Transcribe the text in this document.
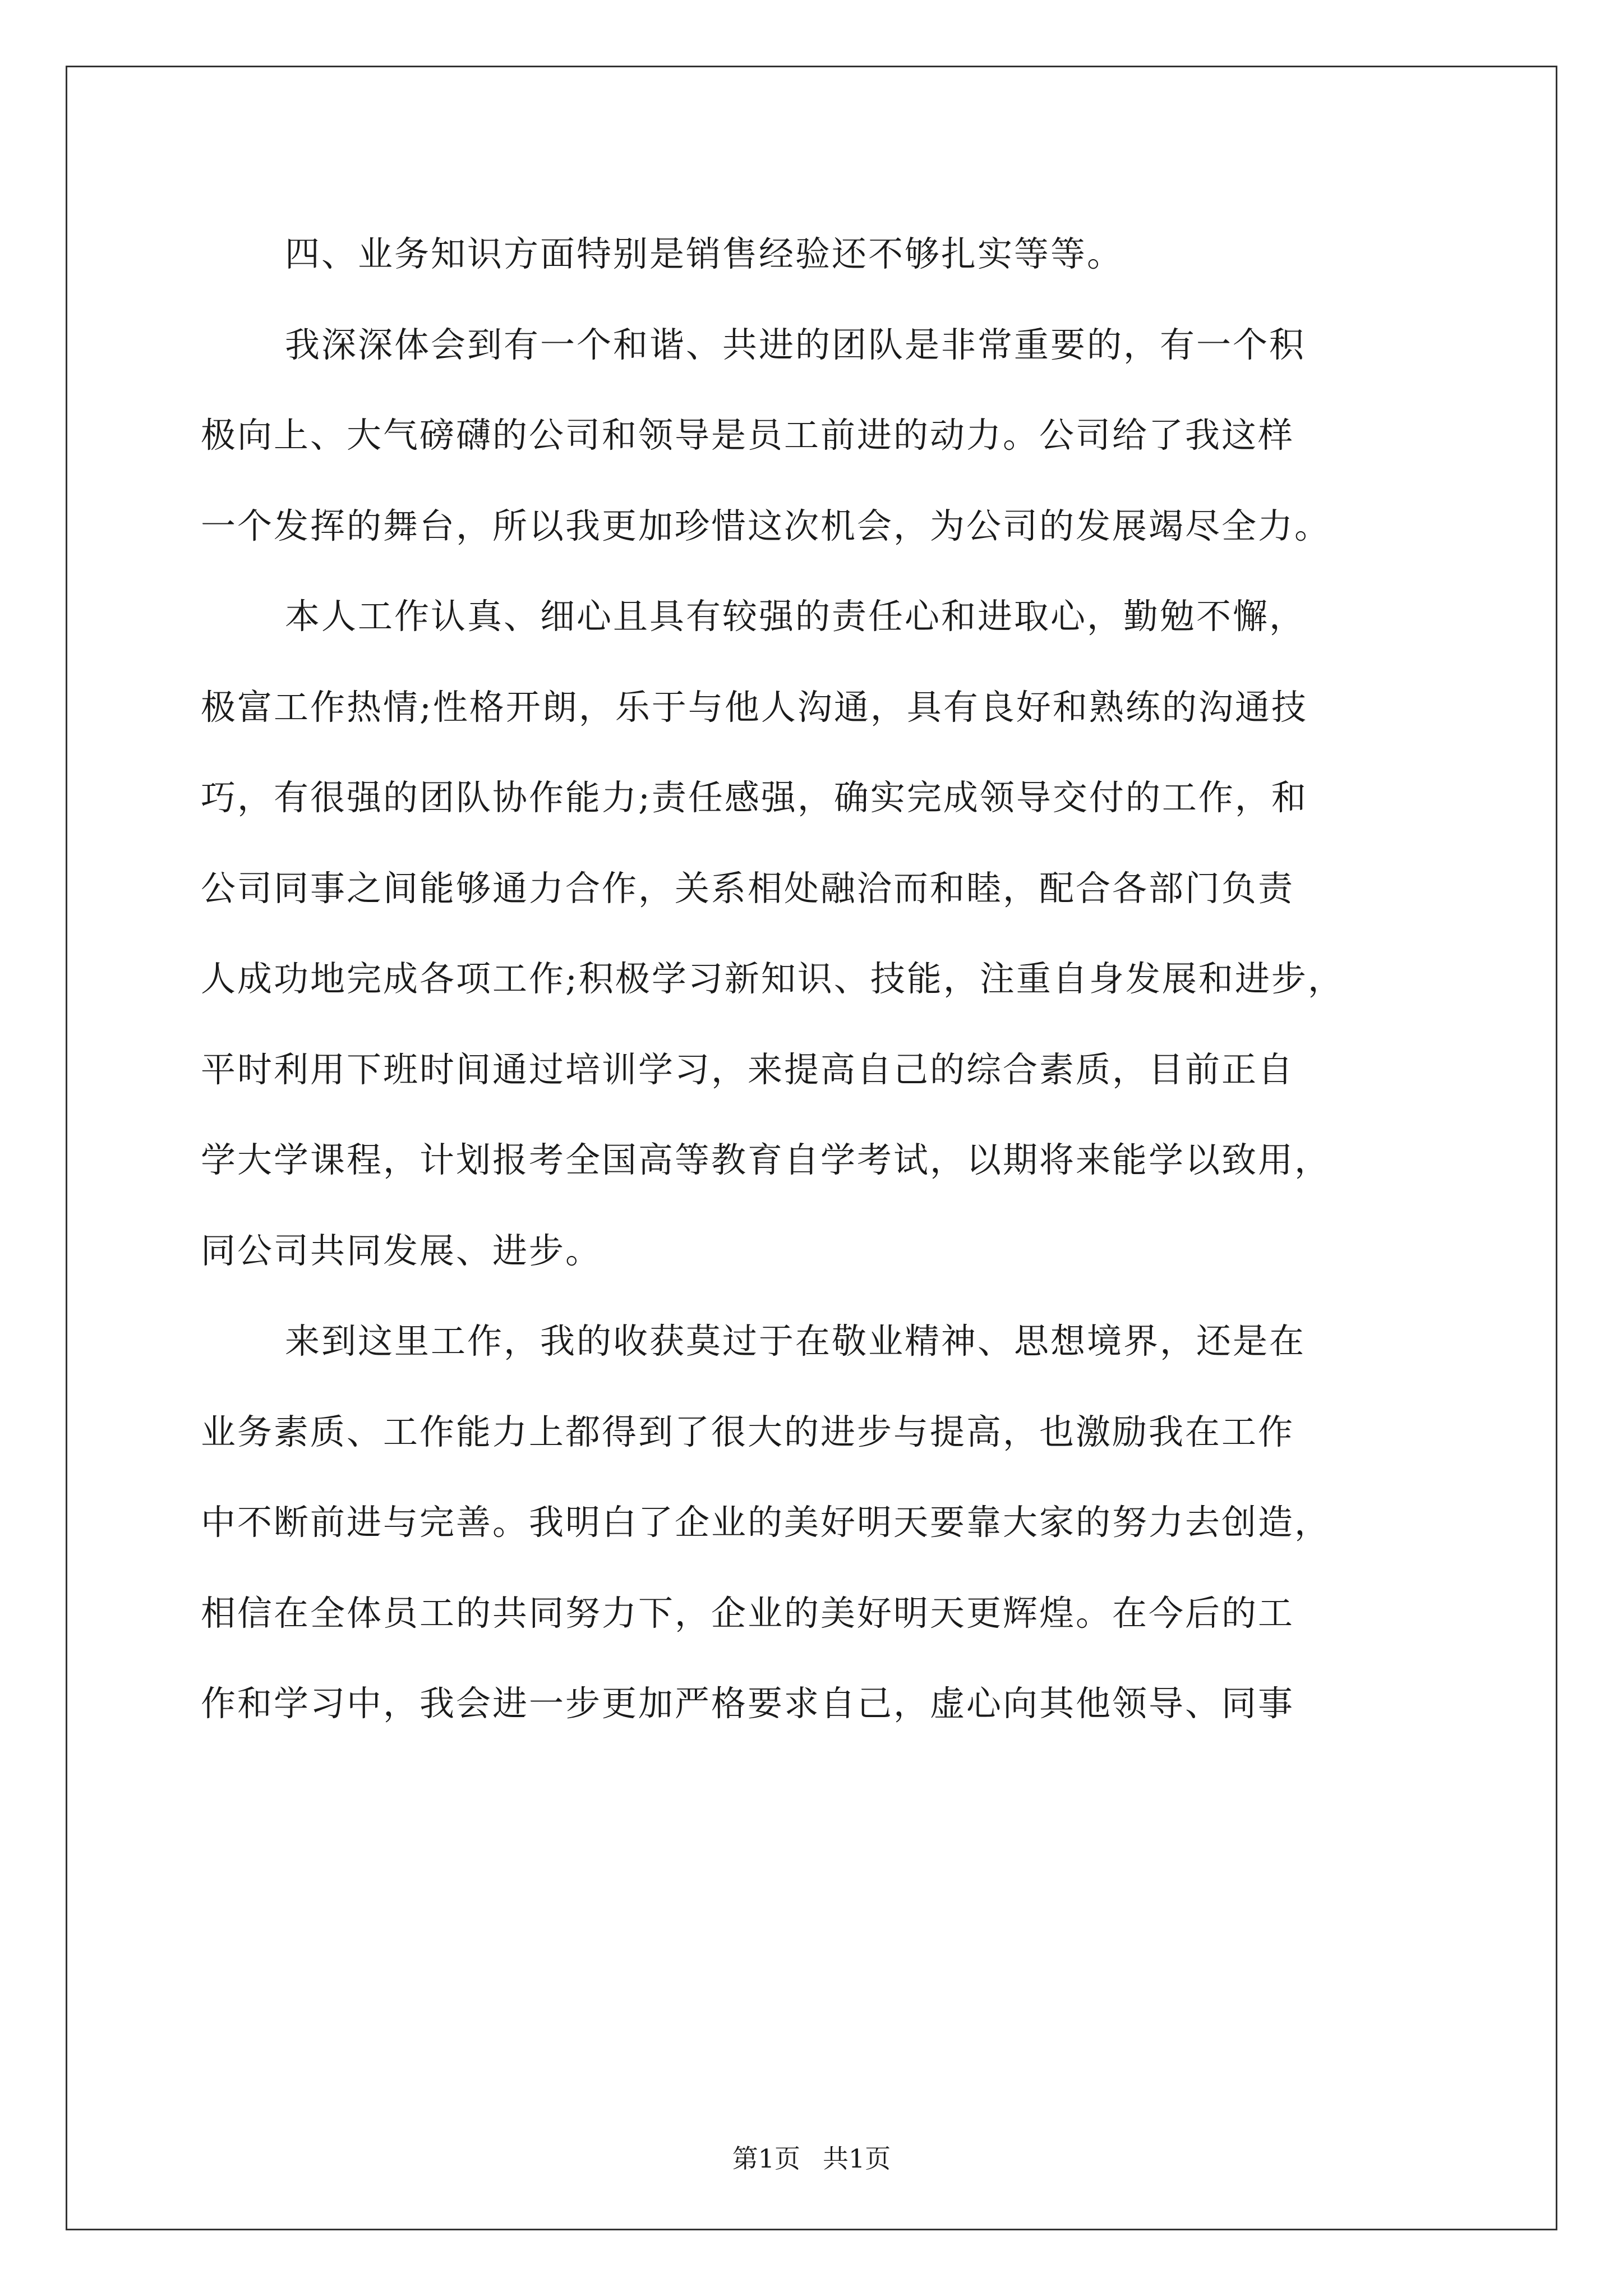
四、业务知识方面特别是销售经验还不够扎实等等。
我深深体会到有一个和谐、共进的团队是非常重要的，有一个积
极向上、大气磅礴的公司和领导是员工前进的动力。公司给了我这样
一个发挥的舞台，所以我更加珍惜这次机会，为公司的发展竭尽全力。
本人工作认真、细心且具有较强的责任心和进取心，勤勉不懈，
极富工作热情;性格开朗，乐于与他人沟通，具有良好和熟练的沟通技
巧，有很强的团队协作能力;责任感强，确实完成领导交付的工作，和
公司同事之间能够通力合作，关系相处融洽而和睦，配合各部门负责
人成功地完成各项工作;积极学习新知识、技能，注重自身发展和进步，
平时利用下班时间通过培训学习，来提高自己的综合素质，目前正自
学大学课程，计划报考全国高等教育自学考试，以期将来能学以致用，
同公司共同发展、进步。
来到这里工作，我的收获莫过于在敬业精神、思想境界，还是在
业务素质、工作能力上都得到了很大的进步与提高，也激励我在工作
中不断前进与完善。我明白了企业的美好明天要靠大家的努力去创造，
相信在全体员工的共同努力下，企业的美好明天更辉煌。在今后的工
作和学习中，我会进一步更加严格要求自己，虚心向其他领导、同事
第1页 共1页
